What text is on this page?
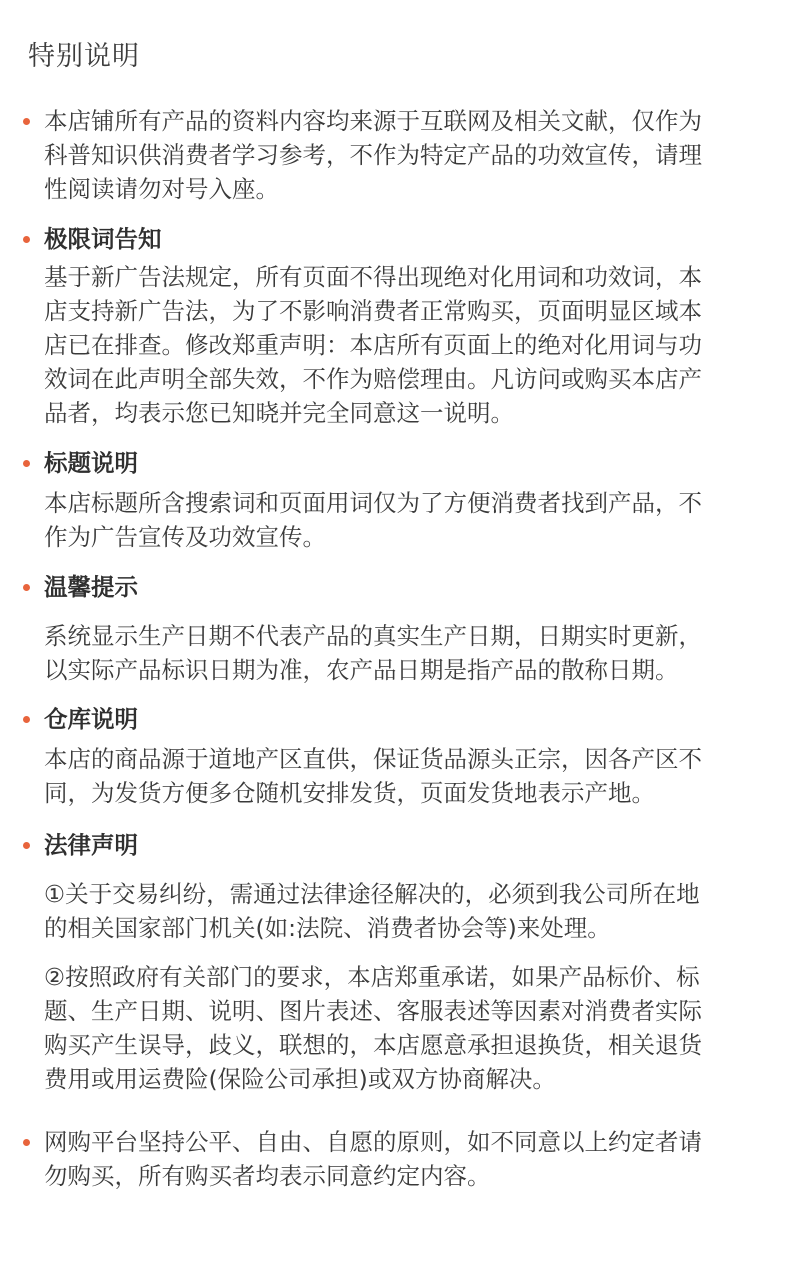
特别说明
本店铺所有产品的资料内容均来源于互联网及相关文献，仅作为
科普知识供消费者学习参考，不作为特定产品的功效宣传，请理
性阅读请勿对号入座。
极限词告知
基于新广告法规定，所有页面不得出现绝对化用词和功效词，本
店支持新广告法，为了不影响消费者正常购买，页面明显区域本
店已在排查。修改郑重声明：本店所有页面上的绝对化用词与功
效词在此声明全部失效，不作为赔偿理由。凡访问或购买本店产
品者，均表示您已知晓并完全同意这一说明。
标题说明
本店标题所含搜索词和页面用词仅为了方便消费者找到产品，不
作为广告宣传及功效宣传。
温馨提示
系统显示生产日期不代表产品的真实生产日期，日期实时更新，
以实际产品标识日期为准，农产品日期是指产品的散称日期。
仓库说明
本店的商品源于道地产区直供，保证货品源头正宗，因各产区不
同，为发货方便多仓随机安排发货，页面发货地表示产地。
法律声明
①关于交易纠纷，需通过法律途径解决的，必须到我公司所在地
的相关国家部门机关(如:法院、消费者协会等)来处理。
②按照政府有关部门的要求，本店郑重承诺，如果产品标价、标
题、生产日期、说明、图片表述、客服表述等因素对消费者实际
购买产生误导，歧义，联想的，本店愿意承担退换货，相关退货
费用或用运费险(保险公司承担)或双方协商解决。
网购平台坚持公平、自由、自愿的原则，如不同意以上约定者请
勿购买，所有购买者均表示同意约定内容。
